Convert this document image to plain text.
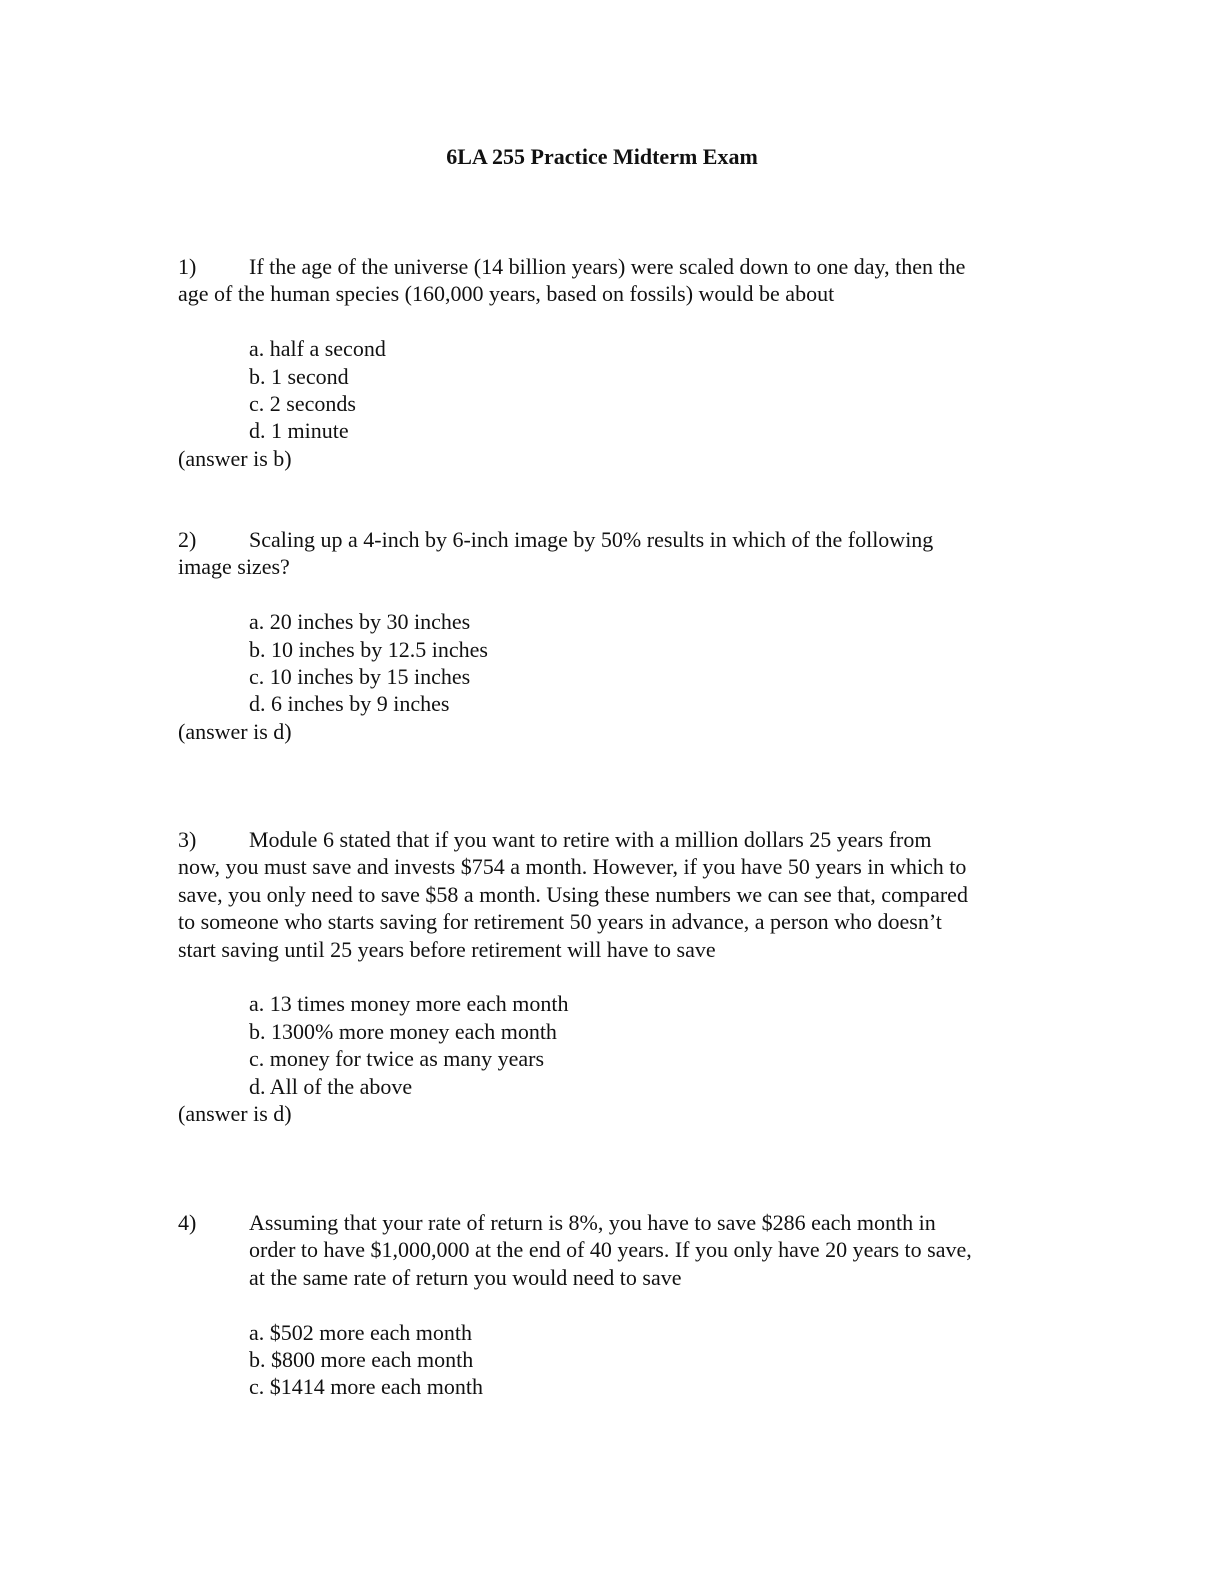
6LA 255 Practice Midterm Exam
1) If the age of the universe (14 billion years) were scaled down to one day, then the
age of the human species (160,000 years, based on fossils) would be about
a. half a second
b. 1 second
c. 2 seconds
d. 1 minute
(answer is b)
2) Scaling up a 4-inch by 6-inch image by 50% results in which of the following
image sizes?
a. 20 inches by 30 inches
b. 10 inches by 12.5 inches
c. 10 inches by 15 inches
d. 6 inches by 9 inches
(answer is d)
3) Module 6 stated that if you want to retire with a million dollars 25 years from
now, you must save and invests $754 a month. However, if you have 50 years in which to
save, you only need to save $58 a month. Using these numbers we can see that, compared
to someone who starts saving for retirement 50 years in advance, a person who doesn’t
start saving until 25 years before retirement will have to save
a. 13 times money more each month
b. 1300% more money each month
c. money for twice as many years
d. All of the above
(answer is d)
4)	Assuming that your rate of return is 8%, you have to save $286 each month in
order to have $1,000,000 at the end of 40 years. If you only have 20 years to save,
at the same rate of return you would need to save
a. $502 more each month
b. $800 more each month
c. $1414 more each month
